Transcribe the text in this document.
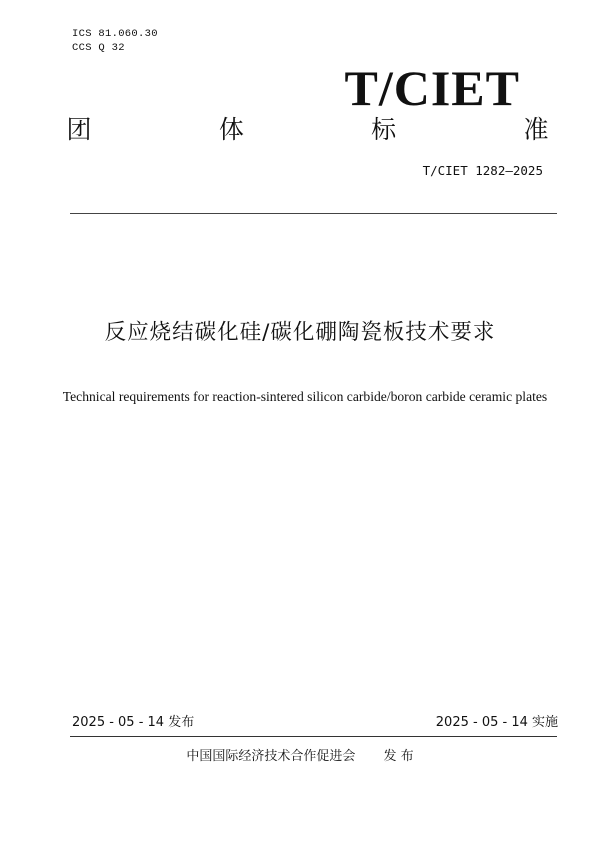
ICS 81.060.30
CCS Q 32
T/CIET
团	体	标	准
T/CIET 1282—2025
反应烧结碳化硅/碳化硼陶瓷板技术要求
Technical requirements for reaction-sintered silicon carbide/boron carbide ceramic plates
2025 - 05 - 14 发布	2025 - 05 - 14 实施
中国国际经济技术合作促进会 发 布
